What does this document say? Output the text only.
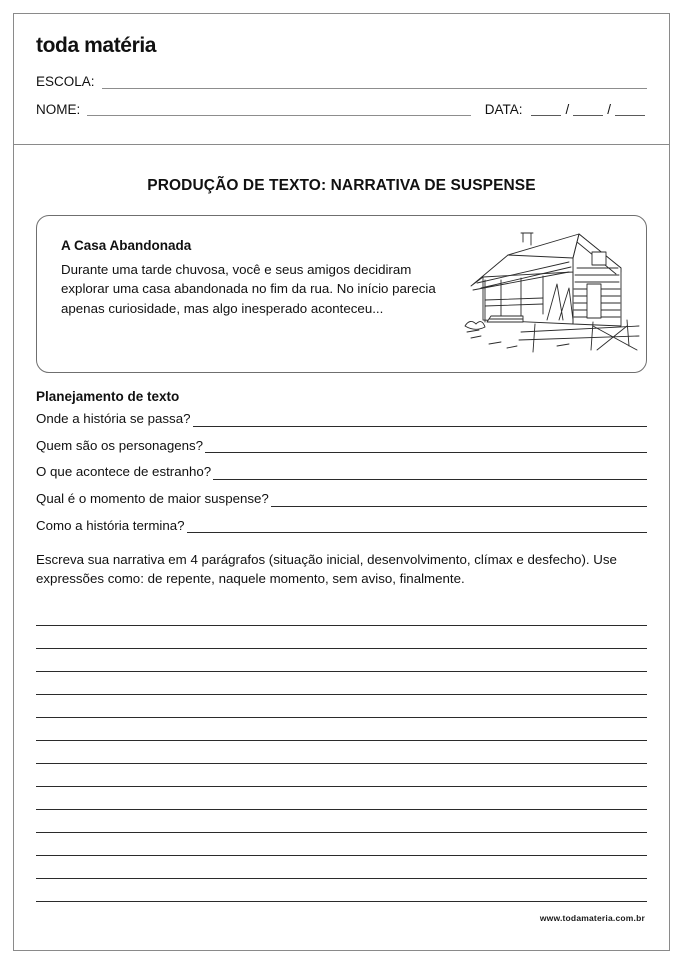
toda matéria
ESCOLA:
NOME:	DATA:	/	/
PRODUÇÃO DE TEXTO: NARRATIVA DE SUSPENSE
A Casa Abandonada
Durante uma tarde chuvosa, você e seus amigos decidiram explorar uma casa abandonada no fim da rua. No início parecia apenas curiosidade, mas algo inesperado aconteceu...
Planejamento de texto
Onde a história se passa?
Quem são os personagens?
O que acontece de estranho?
Qual é o momento de maior suspense?
Como a história termina?
Escreva sua narrativa em 4 parágrafos (situação inicial, desenvolvimento, clímax e desfecho). Use expressões como: de repente, naquele momento, sem aviso, finalmente.
www.todamateria.com.br
